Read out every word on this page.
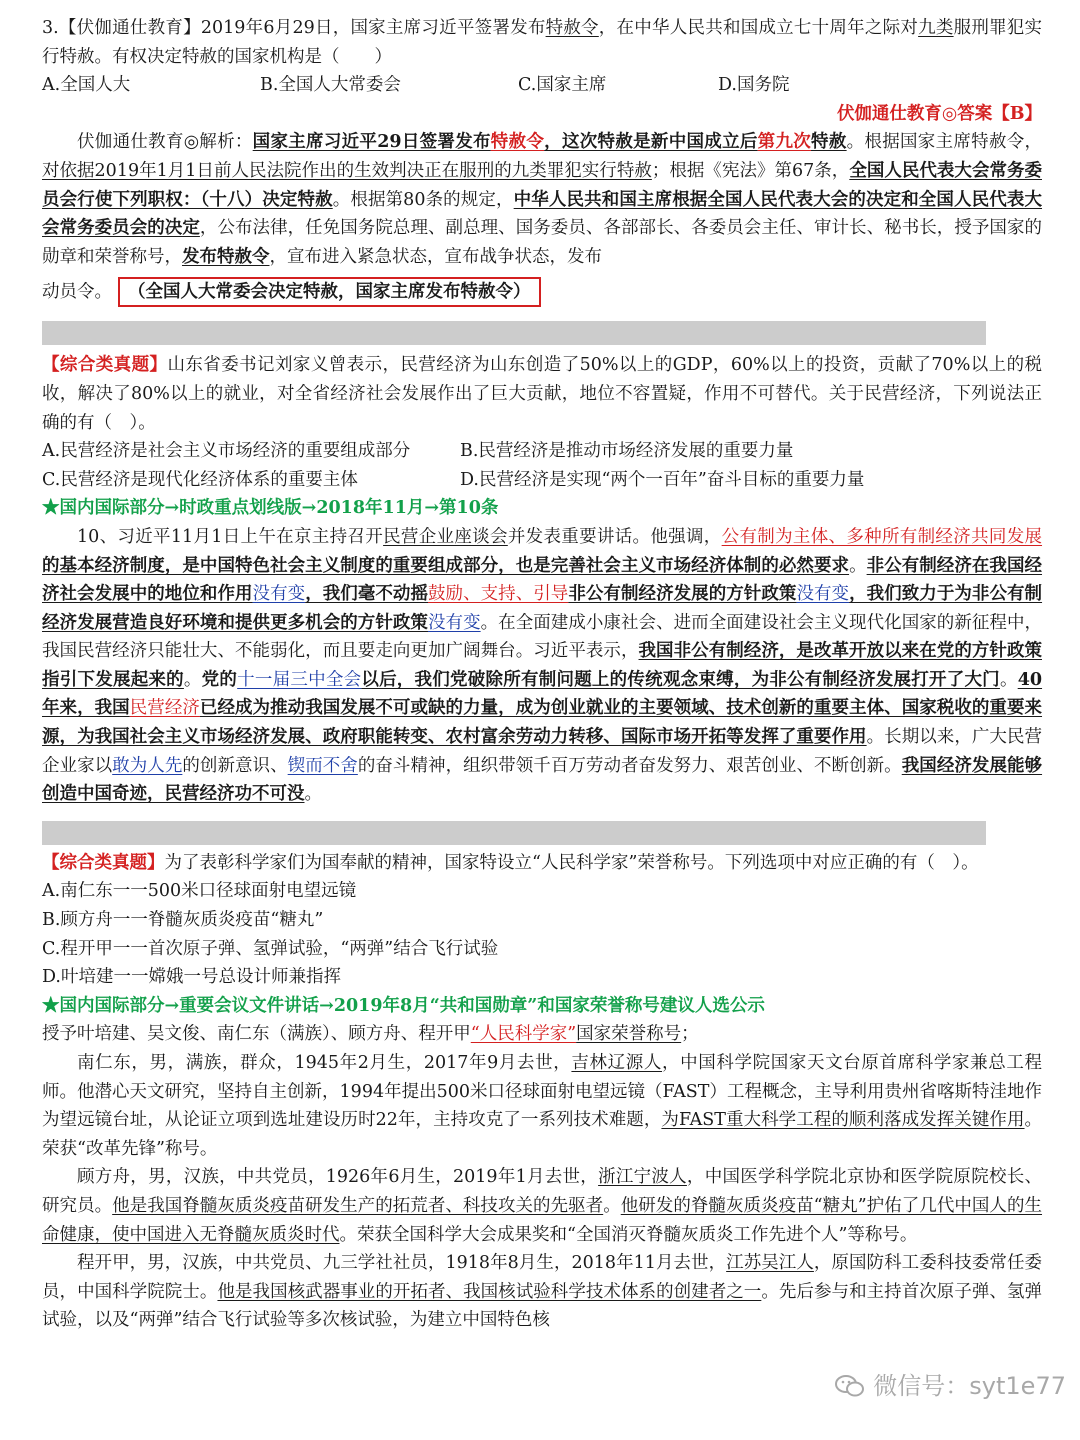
3.【伏伽通仕教育】2019年6月29日，国家主席习近平签署发布特赦令，在中华人民共和国成立七十周年之际对九类服刑罪犯实行特赦。有权决定特赦的国家机构是（　　）

A.全国人大	B.全国人大常委会	C.国家主席	D.国务院

伏伽通仕教育◎答案【B】

伏伽通仕教育◎解析：国家主席习近平29日签署发布特赦令，这次特赦是新中国成立后第九次特赦。根据国家主席特赦令，对依据2019年1月1日前人民法院作出的生效判决正在服刑的九类罪犯实行特赦；根据《宪法》第67条，全国人民代表大会常务委员会行使下列职权：（十八）决定特赦。根据第80条的规定，中华人民共和国主席根据全国人民代表大会的决定和全国人民代表大会常务委员会的决定，公布法律，任免国务院总理、副总理、国务委员、各部部长、各委员会主任、审计长、秘书长，授予国家的勋章和荣誉称号，发布特赦令，宣布进入紧急状态，宣布战争状态，发布

动员令。 （全国人大常委会决定特赦，国家主席发布特赦令）

【综合类真题】山东省委书记刘家义曾表示，民营经济为山东创造了50%以上的GDP，60%以上的投资，贡献了70%以上的税收，解决了80%以上的就业，对全省经济社会发展作出了巨大贡献，地位不容置疑，作用不可替代。关于民营经济，下列说法正确的有（　）。

A.民营经济是社会主义市场经济的重要组成部分	B.民营经济是推动市场经济发展的重要力量
C.民营经济是现代化经济体系的重要主体	D.民营经济是实现“两个一百年”奋斗目标的重要力量

★国内国际部分→时政重点划线版→2018年11月→第10条

10、习近平11月1日上午在京主持召开民营企业座谈会并发表重要讲话。他强调，公有制为主体、多种所有制经济共同发展的基本经济制度，是中国特色社会主义制度的重要组成部分，也是完善社会主义市场经济体制的必然要求。非公有制经济在我国经济社会发展中的地位和作用没有变，我们毫不动摇鼓励、支持、引导非公有制经济发展的方针政策没有变，我们致力于为非公有制经济发展营造良好环境和提供更多机会的方针政策没有变。在全面建成小康社会、进而全面建设社会主义现代化国家的新征程中，我国民营经济只能壮大、不能弱化，而且要走向更加广阔舞台。习近平表示，我国非公有制经济，是改革开放以来在党的方针政策指引下发展起来的。党的十一届三中全会以后，我们党破除所有制问题上的传统观念束缚，为非公有制经济发展打开了大门。40年来，我国民营经济已经成为推动我国发展不可或缺的力量，成为创业就业的主要领域、技术创新的重要主体、国家税收的重要来源，为我国社会主义市场经济发展、政府职能转变、农村富余劳动力转移、国际市场开拓等发挥了重要作用。长期以来，广大民营企业家以敢为人先的创新意识、锲而不舍的奋斗精神，组织带领千百万劳动者奋发努力、艰苦创业、不断创新。我国经济发展能够创造中国奇迹，民营经济功不可没。

【综合类真题】为了表彰科学家们为国奉献的精神，国家特设立“人民科学家”荣誉称号。下列选项中对应正确的有（　）。

A.南仁东一一500米口径球面射电望远镜

B.顾方舟一一脊髓灰质炎疫苗“糖丸”

C.程开甲一一首次原子弹、氢弹试验，“两弹”结合飞行试验

D.叶培建一一嫦娥一号总设计师兼指挥

★国内国际部分→重要会议文件讲话→2019年8月“共和国勋章”和国家荣誉称号建议人选公示

授予叶培建、吴文俊、南仁东（满族）、顾方舟、程开甲“人民科学家”国家荣誉称号；

南仁东，男，满族，群众，1945年2月生，2017年9月去世，吉林辽源人，中国科学院国家天文台原首席科学家兼总工程师。他潜心天文研究，坚持自主创新，1994年提出500米口径球面射电望远镜（FAST）工程概念，主导利用贵州省喀斯特洼地作为望远镜台址，从论证立项到选址建设历时22年，主持攻克了一系列技术难题，为FAST重大科学工程的顺利落成发挥关键作用。荣获“改革先锋”称号。

顾方舟，男，汉族，中共党员，1926年6月生，2019年1月去世，浙江宁波人，中国医学科学院北京协和医学院原院校长、研究员。他是我国脊髓灰质炎疫苗研发生产的拓荒者、科技攻关的先驱者。他研发的脊髓灰质炎疫苗“糖丸”护佑了几代中国人的生命健康，使中国进入无脊髓灰质炎时代。荣获全国科学大会成果奖和“全国消灭脊髓灰质炎工作先进个人”等称号。

程开甲，男，汉族，中共党员、九三学社社员，1918年8月生，2018年11月去世，江苏吴江人，原国防科工委科技委常任委员，中国科学院院士。他是我国核武器事业的开拓者、我国核试验科学技术体系的创建者之一。先后参与和主持首次原子弹、氢弹试验，以及“两弹”结合飞行试验等多次核试验，为建立中国特色核

微信号：syt1e77
